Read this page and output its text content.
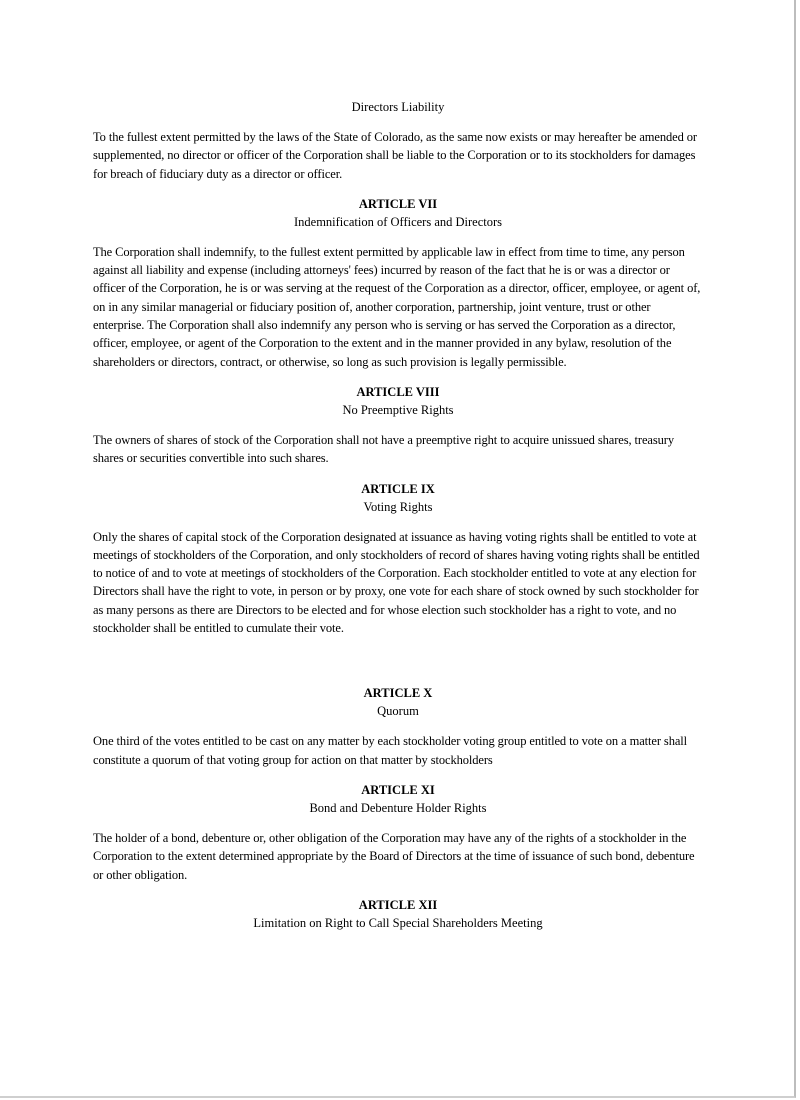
Directors Liability

To the fullest extent permitted by the laws of the State of Colorado, as the same now exists or may hereafter be amended or supplemented, no director or officer of the Corporation shall be liable to the Corporation or to its stockholders for damages for breach of fiduciary duty as a director or officer.

ARTICLE VII
Indemnification of Officers and Directors

The Corporation shall indemnify, to the fullest extent permitted by applicable law in effect from time to time, any person against all liability and expense (including attorneys' fees) incurred by reason of the fact that he is or was a director or officer of the Corporation, he is or was serving at the request of the Corporation as a director, officer, employee, or agent of, on in any similar managerial or fiduciary position of, another corporation, partnership, joint venture, trust or other enterprise. The Corporation shall also indemnify any person who is serving or has served the Corporation as a director, officer, employee, or agent of the Corporation to the extent and in the manner provided in any bylaw, resolution of the shareholders or directors, contract, or otherwise, so long as such provision is legally permissible.

ARTICLE VIII
No Preemptive Rights

The owners of shares of stock of the Corporation shall not have a preemptive right to acquire unissued shares, treasury shares or securities convertible into such shares.

ARTICLE IX
Voting Rights

Only the shares of capital stock of the Corporation designated at issuance as having voting rights shall be entitled to vote at meetings of stockholders of the Corporation, and only stockholders of record of shares having voting rights shall be entitled to notice of and to vote at meetings of stockholders of the Corporation. Each stockholder entitled to vote at any election for Directors shall have the right to vote, in person or by proxy, one vote for each share of stock owned by such stockholder for as many persons as there are Directors to be elected and for whose election such stockholder has a right to vote, and no stockholder shall be entitled to cumulate their vote.

ARTICLE X
Quorum

One third of the votes entitled to be cast on any matter by each stockholder voting group entitled to vote on a matter shall constitute a quorum of that voting group for action on that matter by stockholders

ARTICLE XI
Bond and Debenture Holder Rights

The holder of a bond, debenture or, other obligation of the Corporation may have any of the rights of a stockholder in the Corporation to the extent determined appropriate by the Board of Directors at the time of issuance of such bond, debenture or other obligation.

ARTICLE XII
Limitation on Right to Call Special Shareholders Meeting
